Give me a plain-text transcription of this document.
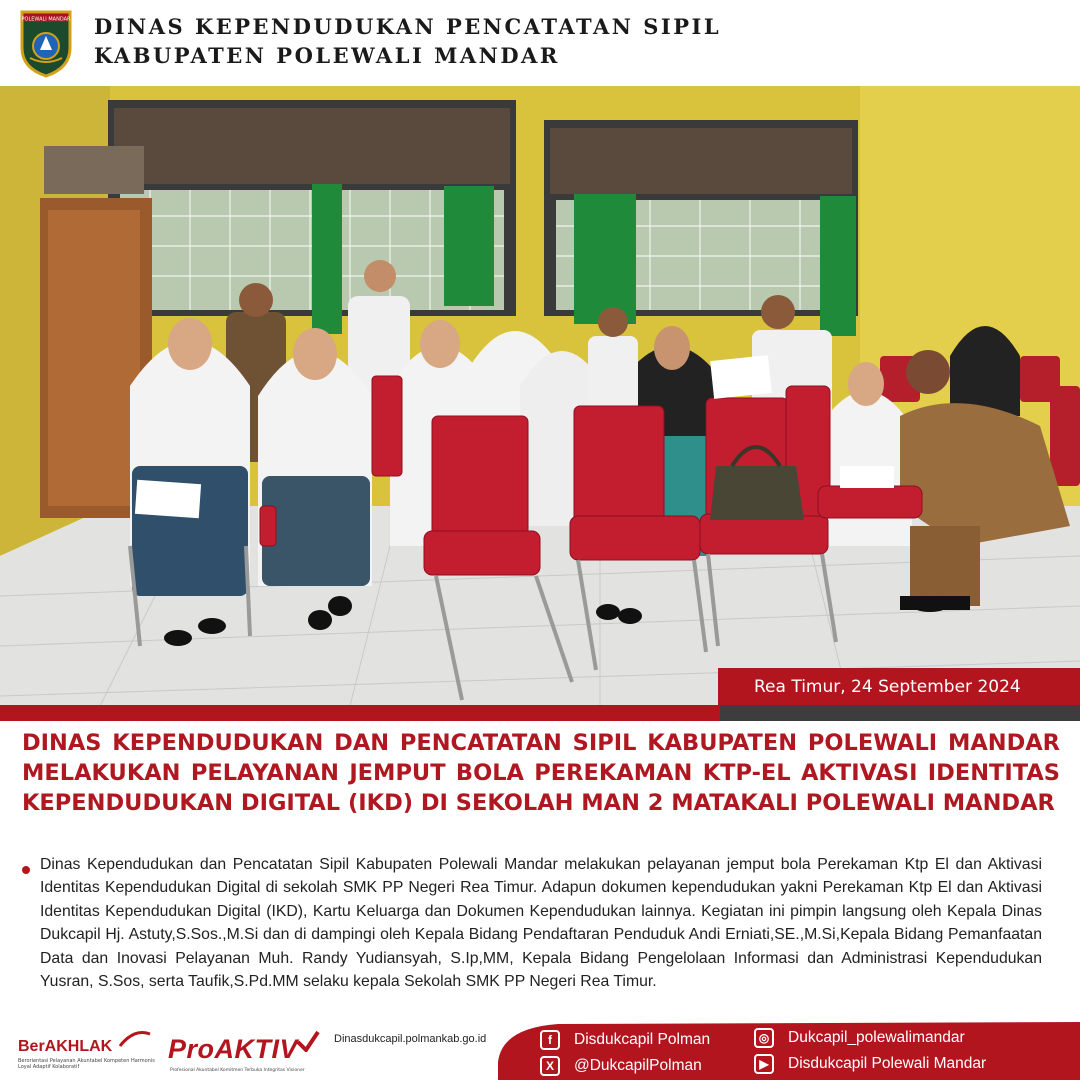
POLEWALI MANDAR DINAS KEPENDUDUKAN PENCATATAN SIPIL
KABUPATEN POLEWALI MANDAR
Rea Timur, 24 September 2024
DINAS KEPENDUDUKAN DAN PENCATATAN SIPIL KABUPATEN POLEWALI MANDAR
MELAKUKAN PELAYANAN JEMPUT BOLA PEREKAMAN KTP-EL AKTIVASI IDENTITAS
KEPENDUDUKAN DIGITAL (IKD) DI SEKOLAH MAN 2 MATAKALI POLEWALI MANDAR
Dinas Kependudukan dan Pencatatan Sipil Kabupaten Polewali Mandar melakukan pelayanan jemput bola Perekaman Ktp El dan Aktivasi Identitas Kependudukan Digital di sekolah SMK PP Negeri Rea Timur. Adapun dokumen kependudukan yakni Perekaman Ktp El dan Aktivasi Identitas Kependudukan Digital (IKD), Kartu Keluarga dan Dokumen Kependudukan lainnya. Kegiatan ini pimpin langsung oleh Kepala Dinas Dukcapil Hj. Astuty,S.Sos.,M.Si dan di dampingi oleh Kepala Bidang Pendaftaran Penduduk Andi Erniati,SE.,M.Si,Kepala Bidang Pemanfaatan Data dan Inovasi Pelayanan Muh. Randy Yudiansyah, S.Ip,MM, Kepala Bidang Pengelolaan Informasi dan Administrasi Kependudukan Yusran, S.Sos, serta Taufik,S.Pd.MM selaku kepala Sekolah SMK PP Negeri Rea Timur.
BerAKHLAK
Berorientasi Pelayanan Akuntabel Kompeten Harmonis Loyal Adaptif Kolaboratif
ProAKTIV
Profesional Akuntabel Komitmen Terbuka Integritas Visioner
Dinasdukcapil.polmankab.go.id	f	Disdukcapil Polman
X	@DukcapilPolman
◎	Dukcapil_polewalimandar
▶	Disdukcapil Polewali Mandar
